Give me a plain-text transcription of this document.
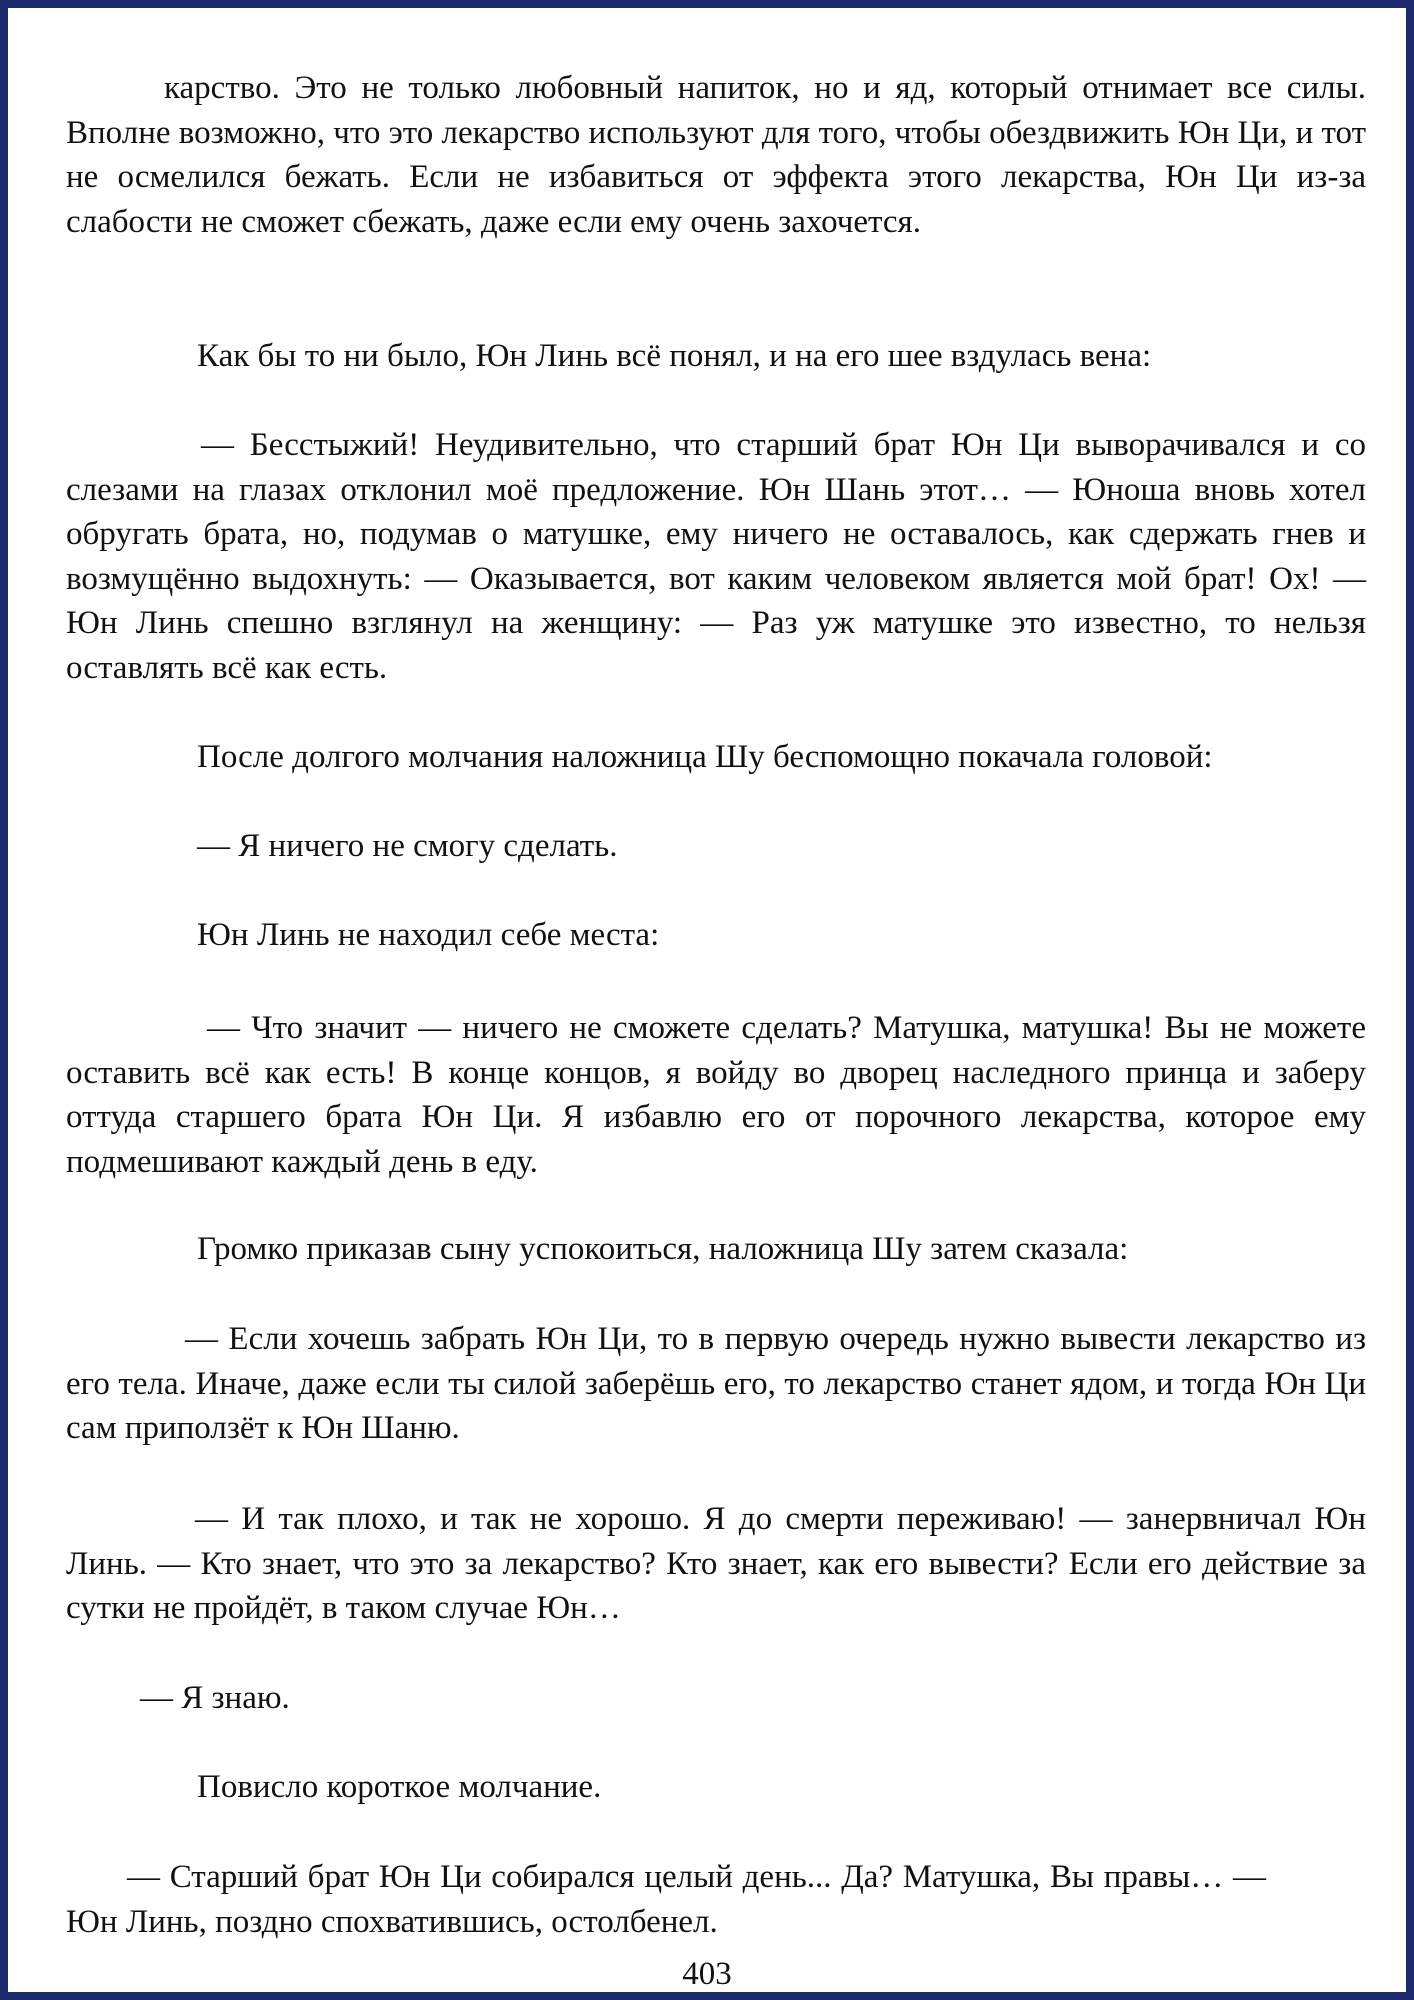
карство. Это не только любовный напиток, но и яд, который отнимает все силы. Вполне возможно, что это лекарство используют для того, чтобы обездвижить Юн Ци, и тот не осмелился бежать. Если не избавиться от эффекта этого лекарства, Юн Ци из-за слабости не сможет сбежать, даже если ему очень захочется.

Как бы то ни было, Юн Линь всё понял, и на его шее вздулась вена:

— Бесстыжий! Неудивительно, что старший брат Юн Ци выворачивался и со слезами на глазах отклонил моё предложение. Юн Шань этот… — Юноша вновь хотел обругать брата, но, подумав о матушке, ему ничего не оставалось, как сдержать гнев и возмущённо выдохнуть: — Оказывается, вот каким человеком является мой брат! Ох! — Юн Линь спешно взглянул на женщину: — Раз уж матушке это известно, то нельзя оставлять всё как есть.

После долгого молчания наложница Шу беспомощно покачала головой:

— Я ничего не смогу сделать.

Юн Линь не находил себе места:

— Что значит — ничего не сможете сделать? Матушка, матушка! Вы не можете оставить всё как есть! В конце концов, я войду во дворец наследного принца и заберу оттуда старшего брата Юн Ци. Я избавлю его от порочного лекарства, которое ему подмешивают каждый день в еду.

Громко приказав сыну успокоиться, наложница Шу затем сказала:

— Если хочешь забрать Юн Ци, то в первую очередь нужно вывести лекарство из его тела. Иначе, даже если ты силой заберёшь его, то лекарство станет ядом, и тогда Юн Ци сам приползёт к Юн Шаню.

— И так плохо, и так не хорошо. Я до смерти переживаю! — занервничал Юн Линь. — Кто знает, что это за лекарство? Кто знает, как его вывести? Если его действие за сутки не пройдёт, в таком случае Юн…

— Я знаю.

Повисло короткое молчание.

— Старший брат Юн Ци собирался целый день... Да? Матушка, Вы правы… — Юн Линь, поздно спохватившись, остолбенел.

403
